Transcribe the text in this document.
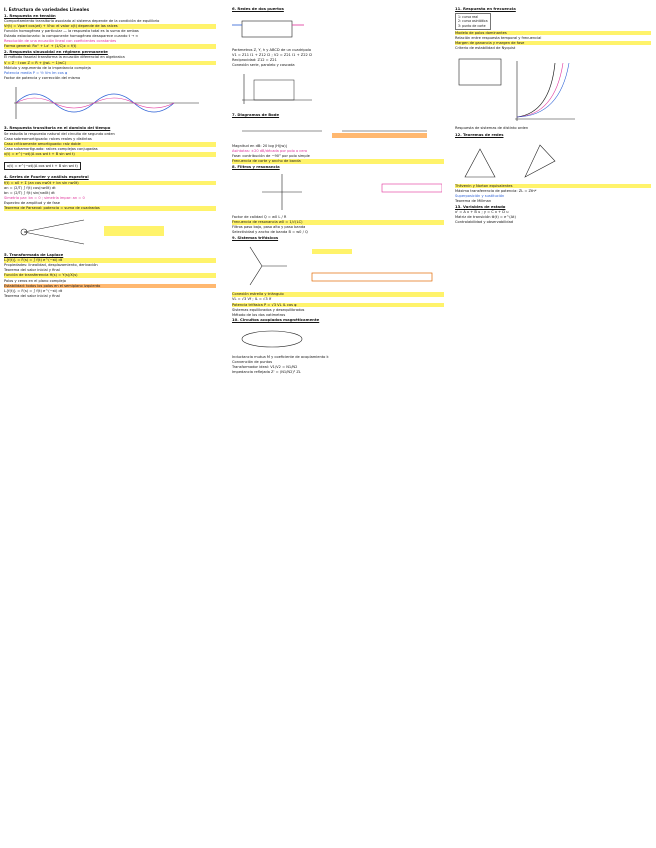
I. Estructura de variedades Lineales
1. Respuesta en tensión
Comportamiento transitorio asociado al sistema depende de la condición de equilibrio
Vr(t) = Vpart cos(wt) + Vho: el valor x(t) depende de las raíces
Función homogénea y particular — la respuesta total es la suma de ambas
Estado estacionario: la componente homogénea desaparece cuando t → ∞
Resolución de una ecuación lineal con coeficientes constantes
Forma general: Rx'' + Lx' + (1/C)x = f(t)
2. Respuesta sinusoidal en régimen permanente
El método fasorial transforma la ecuación diferencial en algebraica
V = Z · I con Z = R + j(wL − 1/wC)
Módulo y argumento de la impedancia compleja
Potencia media P = ½ Vm Im cos φ
Factor de potencia y corrección del mismo
3. Respuesta transitoria en el dominio del tiempo
Se estudia la respuesta natural del circuito de segundo orden
Caso sobreamortiguado: raíces reales y distintas
Caso críticamente amortiguado: raíz doble
Caso subamortiguado: raíces complejas conjugadas
x(t) = e^(−αt)(A cos wd t + B sin wd t)
x(t) = e^(−αt)(A cos wd t + B sin wd t)
4. Series de Fourier y análisis espectral
f(t) = a0 + Σ (an cos nw0t + bn sin nw0t)
an = (2/T) ∫ f(t) cos(nw0t) dt
bn = (2/T) ∫ f(t) sin(nw0t) dt
Simetría par: bn = 0 ; simetría impar: an = 0
Espectro de amplitud y de fase
Teorema de Parseval: potencia = suma de cuadrados
5. Transformada de Laplace
L{f(t)} = F(s) = ∫ f(t) e^(−st) dt
Propiedades: linealidad, desplazamiento, derivación
Teorema del valor inicial y final
Función de transferencia H(s) = Y(s)/X(s)
Polos y ceros en el plano complejo
Estabilidad: todos los polos en el semiplano izquierdo
L{f(t)} = F(s) = ∫ f(t) e^(−st) dt
Teorema del valor inicial y final
6. Redes de dos puertos
Parámetros Z, Y, h y ABCD de un cuadripolo
V1 = Z11 I1 + Z12 I2 ; V2 = Z21 I1 + Z22 I2
Reciprocidad: Z12 = Z21
Conexión serie, paralelo y cascada
7. Diagramas de Bode
Magnitud en dB: 20 log |H(jw)|
Asíntotas: ±20 dB/década por polo o cero
Fase: contribución de −90° por polo simple
Frecuencia de corte y ancho de banda
8. Filtros y resonancia
Factor de calidad Q = w0 L / R
Frecuencia de resonancia w0 = 1/√(LC)
Filtros paso bajo, paso alto y paso banda
Selectividad y ancho de banda B = w0 / Q
9. Sistemas trifásicos
Conexión estrella y triángulo
VL = √3 Vf ; IL = √3 If
Potencia trifásica P = √3 VL IL cos φ
Sistemas equilibrados y desequilibrados
Método de los dos vatímetros
10. Circuitos acoplados magnéticamente
Inductancia mutua M y coeficiente de acoplamiento k
Convención de puntos
Transformador ideal: V1/V2 = N1/N2
Impedancia reflejada Z' = (N1/N2)² ZL
11. Respuesta en frecuencia
1: curva real
2: curva asintótica
3: punto de corte
Modelo de polos dominantes
Relación entre respuesta temporal y frecuencial
Margen de ganancia y margen de fase
Criterio de estabilidad de Nyquist
Respuesta de sistemas de distinto orden
12. Teoremas de redes
Thévenin y Norton equivalentes
Máxima transferencia de potencia: ZL = Zth*
Superposición y sustitución
Teorema de Millman
13. Variables de estado
x' = A x + B u ; y = C x + D u
Matriz de transición Φ(t) = e^(At)
Controlabilidad y observabilidad
